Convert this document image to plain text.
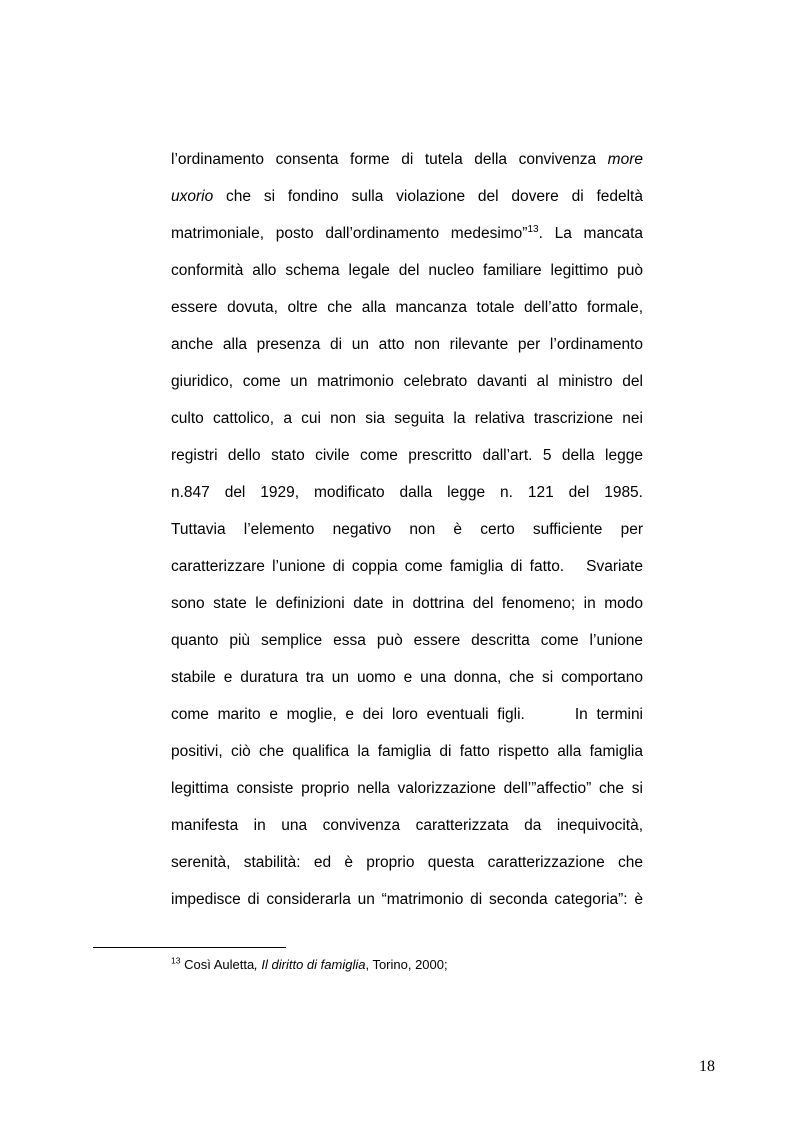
l’ordinamento consenta forme di tutela della convivenza more
uxorio che si fondino sulla violazione del dovere di fedeltà
matrimoniale, posto dall’ordinamento medesimo”$^{13}$. La mancata
conformità allo schema legale del nucleo familiare legittimo può
essere dovuta, oltre che alla mancanza totale dell’atto formale,
anche alla presenza di un atto non rilevante per l’ordinamento
giuridico, come un matrimonio celebrato davanti al ministro del
culto cattolico, a cui non sia seguita la relativa trascrizione nei
registri dello stato civile come prescritto dall’art. 5 della legge
n.847 del 1929, modificato dalla legge n. 121 del 1985.
Tuttavia l’elemento negativo non è certo sufficiente per
caratterizzare l’unione di coppia come famiglia di fatto. Svariate
sono state le definizioni date in dottrina del fenomeno; in modo
quanto più semplice essa può essere descritta come l’unione
stabile e duratura tra un uomo e una donna, che si comportano
come marito e moglie, e dei loro eventuali figli.	In termini
positivi, ciò che qualifica la famiglia di fatto rispetto alla famiglia
legittima consiste proprio nella valorizzazione dell’”affectio” che si
manifesta in una convivenza caratterizzata da inequivocità,
serenità, stabilità: ed è proprio questa caratterizzazione che
impedisce di considerarla un “matrimonio di seconda categoria”: è
$^{13}$ Così Auletta, Il diritto di famiglia, Torino, 2000;
18
